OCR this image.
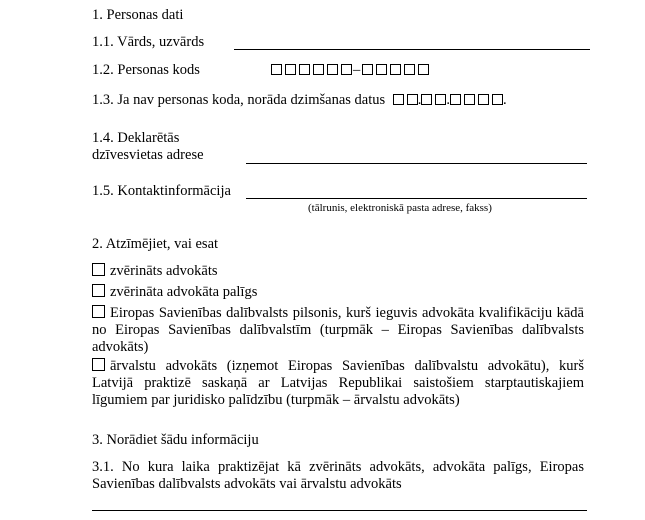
1. Personas dati
1.1. Vārds, uzvārds
1.2. Personas kods	–
1.3. Ja nav personas koda, norāda dzimšanas datus . .	.
1.4. Deklarētās
dzīvesvietas adrese
1.5. Kontaktinformācija
(tālrunis, elektroniskā pasta adrese, fakss)
2. Atzīmējiet, vai esat
zvērināts advokāts
zvērināta advokāta palīgs
Eiropas Savienības dalībvalsts pilsonis, kurš ieguvis advokāta kvalifikāciju kādā no Eiropas Savienības dalībvalstīm (turpmāk – Eiropas Savienības dalībvalsts advokāts)
ārvalstu advokāts (izņemot Eiropas Savienības dalībvalstu advokātu), kurš Latvijā praktizē saskaņā ar Latvijas Republikai saistošiem starptautiskajiem līgumiem par juridisko palīdzību (turpmāk – ārvalstu advokāts)
3. Norādiet šādu informāciju
3.1. No kura laika praktizējat kā zvērināts advokāts, advokāta palīgs, Eiropas Savienības dalībvalsts advokāts vai ārvalstu advokāts
